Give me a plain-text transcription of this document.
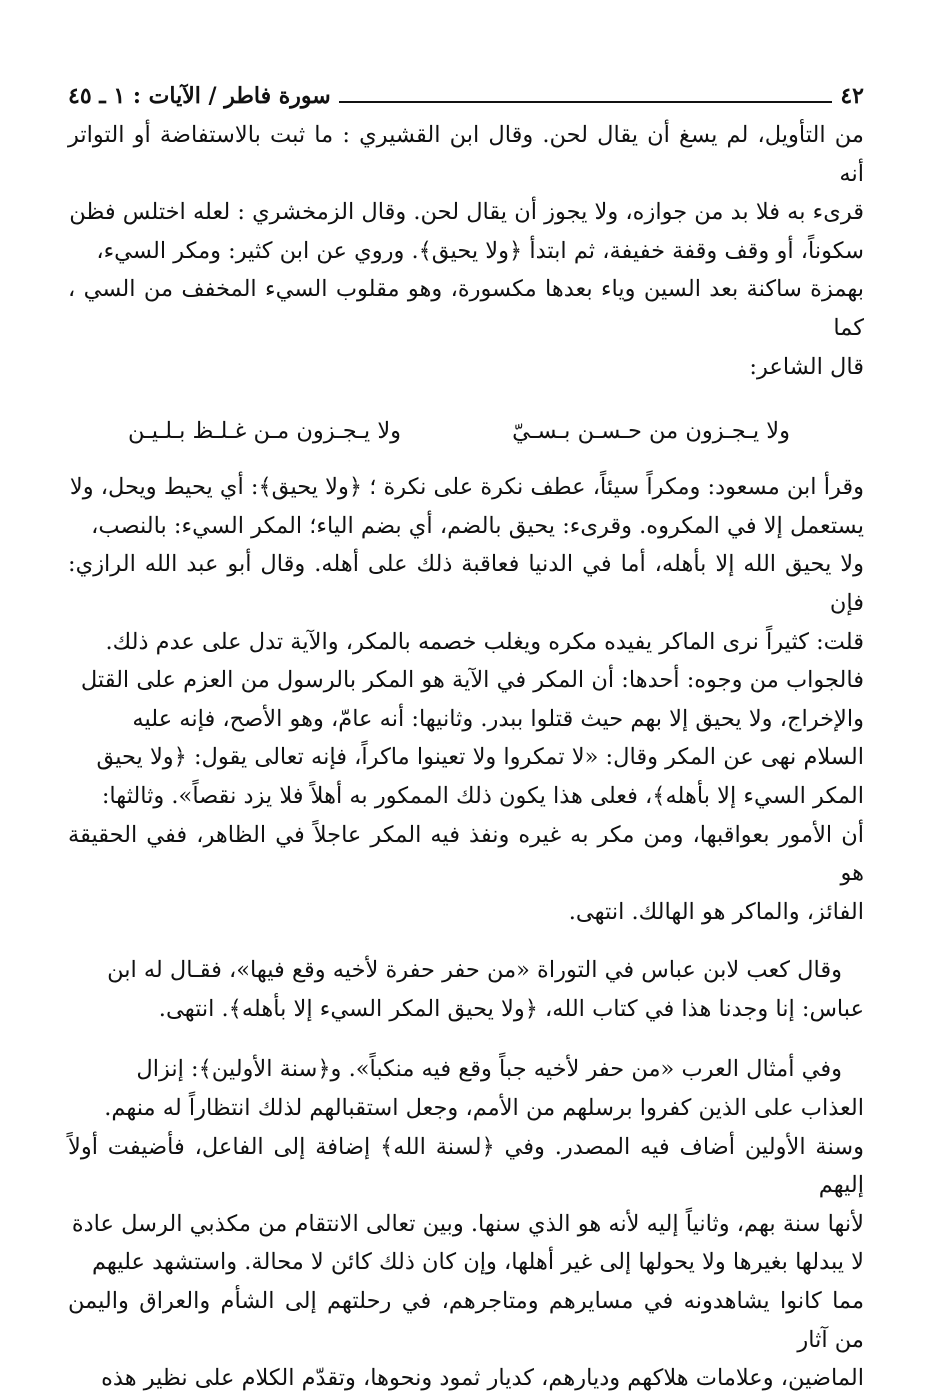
٤٢
سورة فاطر / الآيات : ١ ـ ٤٥
من التأويل، لم يسغ أن يقال لحن. وقال ابن القشيري : ما ثبت بالاستفاضة أو التواتر أنه
قرىء به فلا بد من جوازه، ولا يجوز أن يقال لحن. وقال الزمخشري : لعله اختلس فظن
سكوناً، أو وقف وقفة خفيفة، ثم ابتدأ ﴿ولا يحيق﴾. وروي عن ابن كثير: ومكر السيء،
بهمزة ساكنة بعد السين وياء بعدها مكسورة، وهو مقلوب السيء المخفف من السي ، كما
قال الشاعر:
ولا يـجـزون من حـسـن بـسـيّ
ولا يـجـزون مـن غـلـظ بـلـيـن
وقرأ ابن مسعود: ومكراً سيئاً، عطف نكرة على نكرة ؛ ﴿ولا يحيق﴾: أي يحيط ويحل، ولا
يستعمل إلا في المكروه. وقرىء: يحيق بالضم، أي بضم الياء؛ المكر السيء: بالنصب،
ولا يحيق الله إلا بأهله، أما في الدنيا فعاقبة ذلك على أهله. وقال أبو عبد الله الرازي: فإن
قلت: كثيراً نرى الماكر يفيده مكره ويغلب خصمه بالمكر، والآية تدل على عدم ذلك.
فالجواب من وجوه: أحدها: أن المكر في الآية هو المكر بالرسول من العزم على القتل
والإخراج، ولا يحيق إلا بهم حيث قتلوا ببدر. وثانيها: أنه عامّ، وهو الأصح، فإنه عليه
السلام نهى عن المكر وقال: «لا تمكروا ولا تعينوا ماكراً، فإنه تعالى يقول: ﴿ولا يحيق
المكر السيء إلا بأهله﴾، فعلى هذا يكون ذلك الممكور به أهلاً فلا يزد نقصاً». وثالثها:
أن الأمور بعواقبها، ومن مكر به غيره ونفذ فيه المكر عاجلاً في الظاهر، ففي الحقيقة هو
الفائز، والماكر هو الهالك. انتهى.
وقال كعب لابن عباس في التوراة «من حفر حفرة لأخيه وقع فيها»، فقـال له ابن
عباس: إنا وجدنا هذا في كتاب الله، ﴿ولا يحيق المكر السيء إلا بأهله﴾. انتهى.
وفي أمثال العرب «من حفر لأخيه جباً وقع فيه منكباً». و﴿سنة الأولين﴾: إنزال
العذاب على الذين كفروا برسلهم من الأمم، وجعل استقبالهم لذلك انتظاراً له منهم.
وسنة الأولين أضاف فيه المصدر. وفي ﴿لسنة الله﴾ إضافة إلى الفاعل، فأضيفت أولاً إليهم
لأنها سنة بهم، وثانياً إليه لأنه هو الذي سنها. وبين تعالى الانتقام من مكذبي الرسل عادة
لا يبدلها بغيرها ولا يحولها إلى غير أهلها، وإن كان ذلك كائن لا محالة. واستشهد عليهم
مما كانوا يشاهدونه في مسايرهم ومتاجرهم، في رحلتهم إلى الشأم والعراق واليمن من آثار
الماضين، وعلامات هلاكهم وديارهم، كديار ثمود ونحوها، وتقدّم الكلام على نظير هذه
